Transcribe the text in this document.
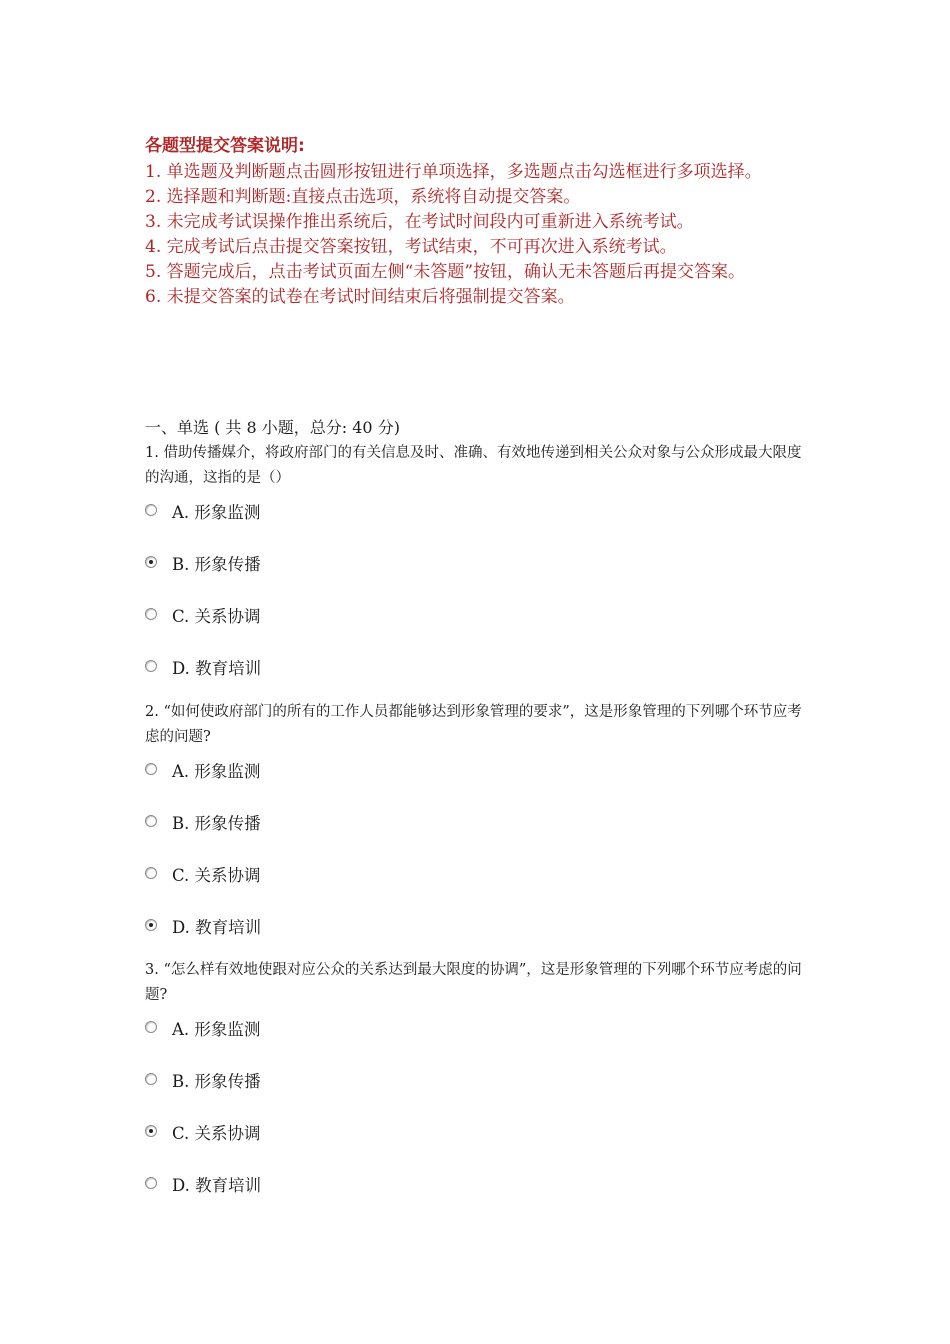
各题型提交答案说明:
1. 单选题及判断题点击圆形按钮进行单项选择，多选题点击勾选框进行多项选择。
2. 选择题和判断题:直接点击选项，系统将自动提交答案。
3. 未完成考试误操作推出系统后，在考试时间段内可重新进入系统考试。
4. 完成考试后点击提交答案按钮，考试结束，不可再次进入系统考试。
5. 答题完成后，点击考试页面左侧“未答题”按钮，确认无未答题后再提交答案。
6. 未提交答案的试卷在考试时间结束后将强制提交答案。
一、单选 ( 共 8 小题，总分: 40 分)

1. 借助传播媒介，将政府部门的有关信息及时、准确、有效地传递到相关公众对象与公众形成最大限度的沟通，这指的是（）

A. 形象监测
B. 形象传播
C. 关系协调
D. 教育培训

2. “如何使政府部门的所有的工作人员都能够达到形象管理的要求”，这是形象管理的下列哪个环节应考虑的问题?

A. 形象监测
B. 形象传播
C. 关系协调
D. 教育培训

3. “怎么样有效地使跟对应公众的关系达到最大限度的协调”，这是形象管理的下列哪个环节应考虑的问题?

A. 形象监测
B. 形象传播
C. 关系协调
D. 教育培训
